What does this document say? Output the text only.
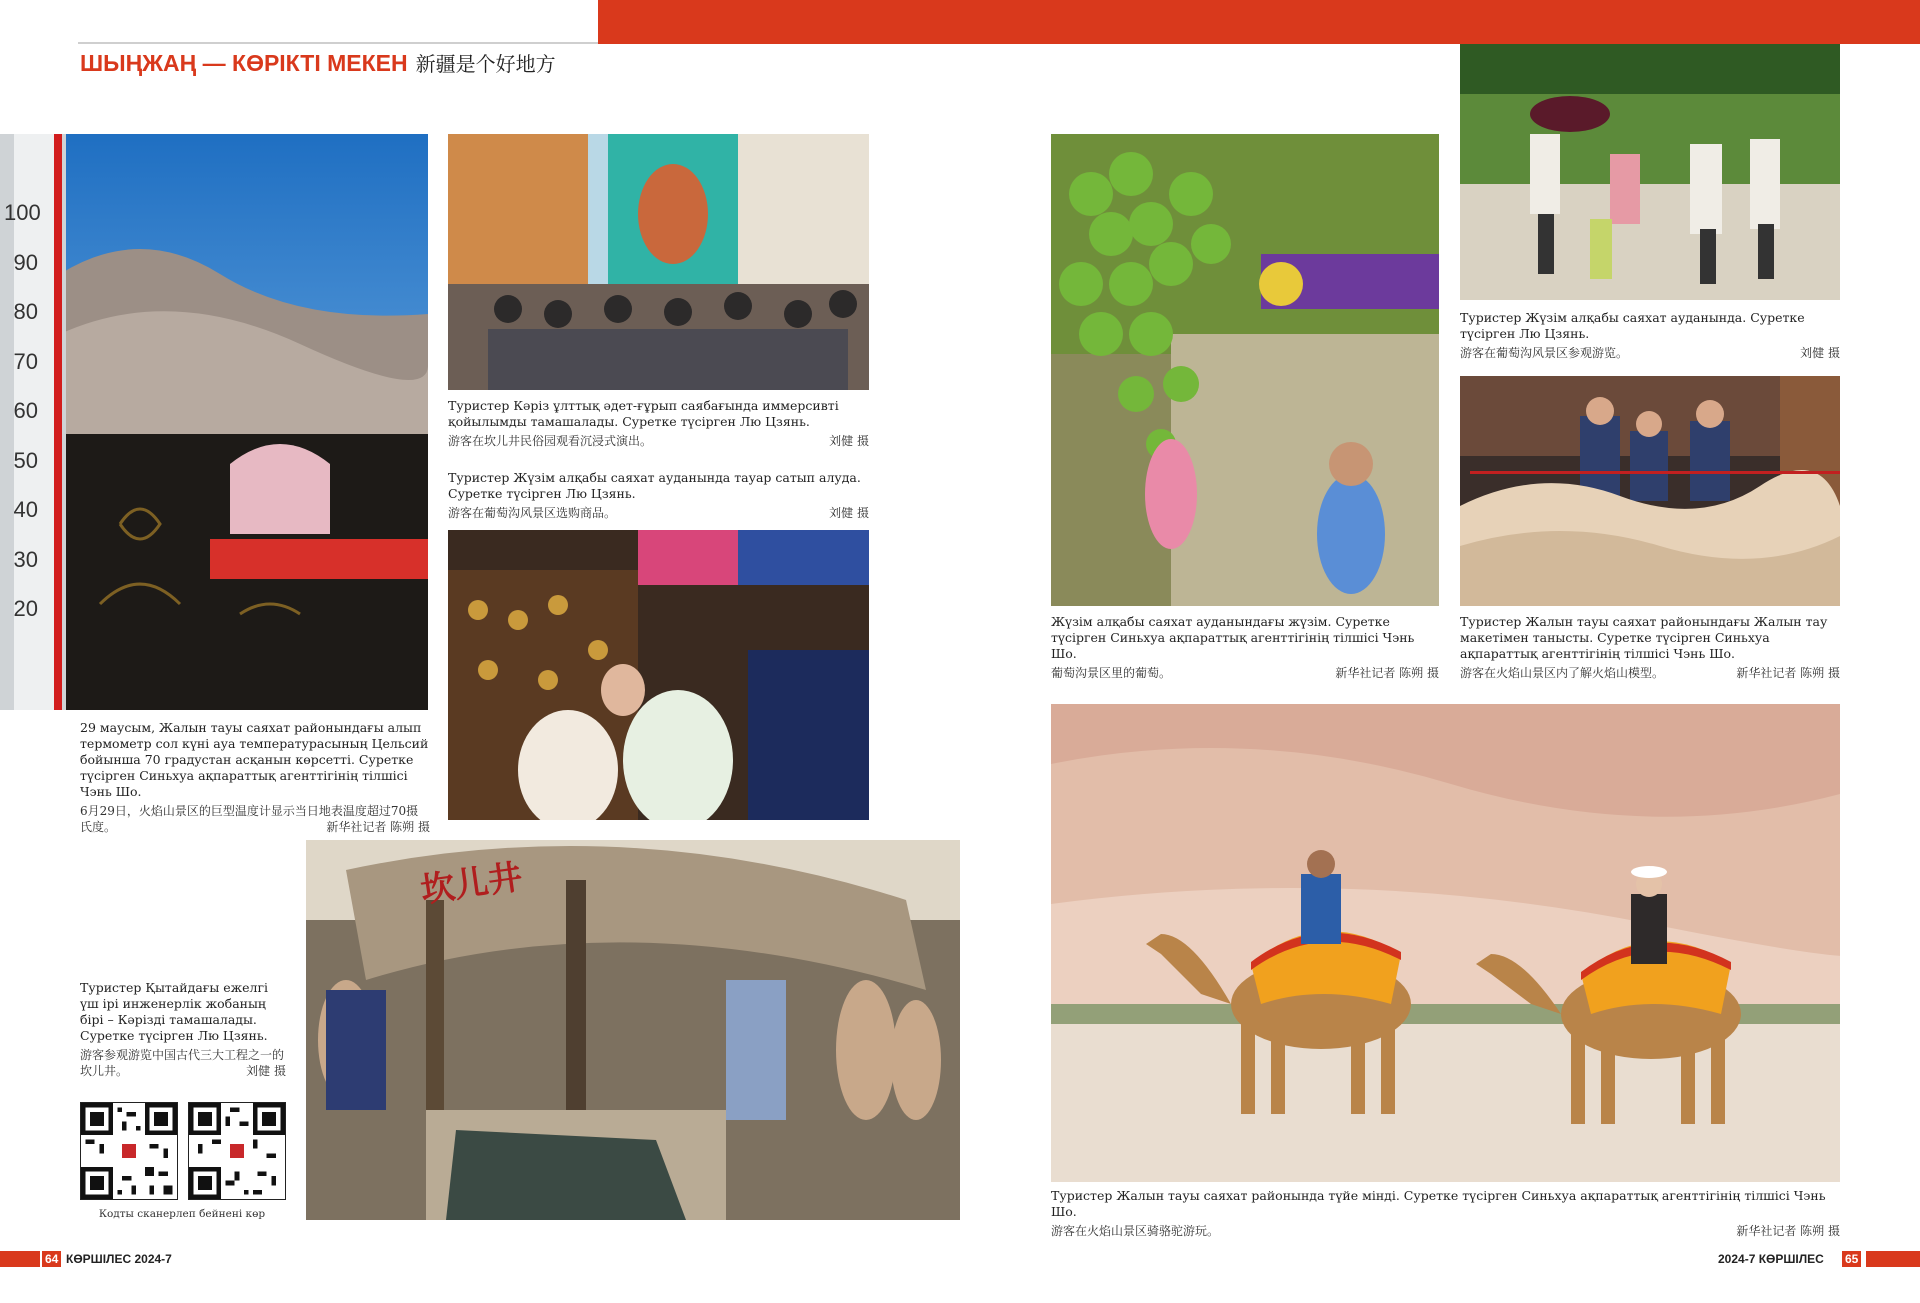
ШЫҢЖАҢ — КӨРІКТІ МЕКЕН 新疆是个好地方
100
90
80
70
60
50
40
30
20

Туристер Кәріз ұлттық әдет-ғұрып саябағында иммерсивті қойылымды тамашалады. Суретке түсірген Лю Цзянь.

游客在坎儿井民俗园观看沉浸式演出。	刘健 摄

Туристер Жүзім алқабы саяхат ауданында тауар сатып алуда. Суретке түсірген Лю Цзянь.

游客在葡萄沟风景区选购商品。	刘健 摄

29 маусым, Жалын тауы саяхат районындағы алып термометр сол күні ауа температурасының Цельсий бойынша 70 градустан асқанын көрсетті. Суретке түсірген Синьхуа ақпараттық агенттігінің тілшісі Чэнь Шо.

6月29日，火焰山景区的巨型温度计显示当日地表温度超过70摄氏度。	新华社记者 陈朔 摄
坎儿井

Туристер Қытайдағы ежелгі үш ірі инженерлік жобаның бірі – Кәрізді тамашалады. Суретке түсірген Лю Цзянь.

游客参观游览中国古代三大工程之一的坎儿井。	刘健 摄
Кодты сканерлеп бейнені көр

Жүзім алқабы саяхат ауданындағы жүзім. Суретке түсірген Синьхуа ақпараттық агенттігінің тілшісі Чэнь Шо.

葡萄沟景区里的葡萄。	新华社记者 陈朔 摄

Туристер Жүзім алқабы саяхат ауданында. Суретке түсірген Лю Цзянь.

游客在葡萄沟风景区参观游览。	刘健 摄

Туристер Жалын тауы саяхат районындағы Жалын тау макетімен танысты. Суретке түсірген Синьхуа ақпараттық агенттігінің тілшісі Чэнь Шо.

游客在火焰山景区内了解火焰山模型。	新华社记者 陈朔 摄

Туристер Жалын тауы саяхат районында түйе мінді. Суретке түсірген Синьхуа ақпараттық агенттігінің тілшісі Чэнь Шо.

游客在火焰山景区骑骆驼游玩。	新华社记者 陈朔 摄
64 КӨРШІЛЕС 2024-7	2024-7 КӨРШІЛЕС 65
